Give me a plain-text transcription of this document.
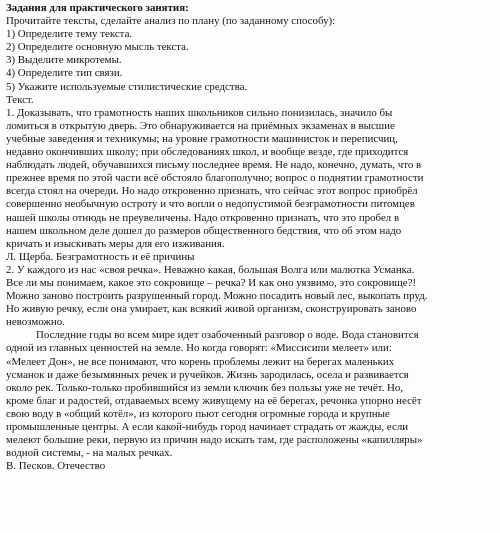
Задания для практического занятия:
Прочитайте тексты, сделайте анализ по плану (по заданному способу):
1) Определите тему текста.
2) Определите основную мысль текста.
3) Выделите микротемы.
4) Определите тип связи.
5) Укажите используемые стилистические средства.
Текст.
1. Доказывать, что грамотность наших школьников сильно понизилась, значило бы
ломиться в открытую дверь. Это обнаруживается на приёмных экзаменах в высшие
учебные заведения и техникумы; на уровне грамотности машинисток и переписчиц,
недавно окончивших школу; при обследованиях школ, и вообще везде, где приходится
наблюдать людей, обучавшихся письму последнее время. Не надо, конечно, думать, что в
прежнее время по этой части всё обстояло благополучно; вопрос о поднятии грамотности
всегда стоял на очереди. Но надо откровенно признать, что сейчас этот вопрос приобрёл
совершенно необычную остроту и что вопли о недопустимой безграмотности питомцев
нашей школы отнюдь не преувеличены. Надо откровенно признать, что это пробел в
нашем школьном деле дошел до размеров общественного бедствия, что об этом надо
кричать и изыскивать меры для его изживания.
Л. Щерба. Безграмотность и её причины
2. У каждого из нас «своя речка». Неважно какая, большая Волга или малютка Усманка.
Все ли мы понимаем, какое это сокровище – речка? И как оно уязвимо, это сокровище?!
Можно заново построить разрушенный город. Можно посадить новый лес, выкопать пруд.
Но живую речку, если она умирает, как всякий живой организм, сконструировать заново
невозможно.
Последние годы во всем мире идет озабоченный разговор о воде. Вода становится
одной из главных ценностей на земле. Но когда говорят: «Миссисипи мелеет» или:
«Мелеет Дон», не все понимают, что корень проблемы лежит на берегах маленьких
усманок и даже безымянных речек и ручейков. Жизнь зародилась, осела и развивается
около рек. Только-только пробившийся из земли ключик без пользы уже не течёт. Но,
кроме благ и радостей, отдаваемых всему живущему на её берегах, речонка упорно несёт
свою воду в «общий котёл», из которого пьют сегодня огромные города и крупные
промышленные центры. А если какой-нибудь город начинает страдать от жажды, если
мелеют большие реки, первую из причин надо искать там, где расположены «капилляры»
водной системы, - на малых речках.
В. Песков. Отечество
